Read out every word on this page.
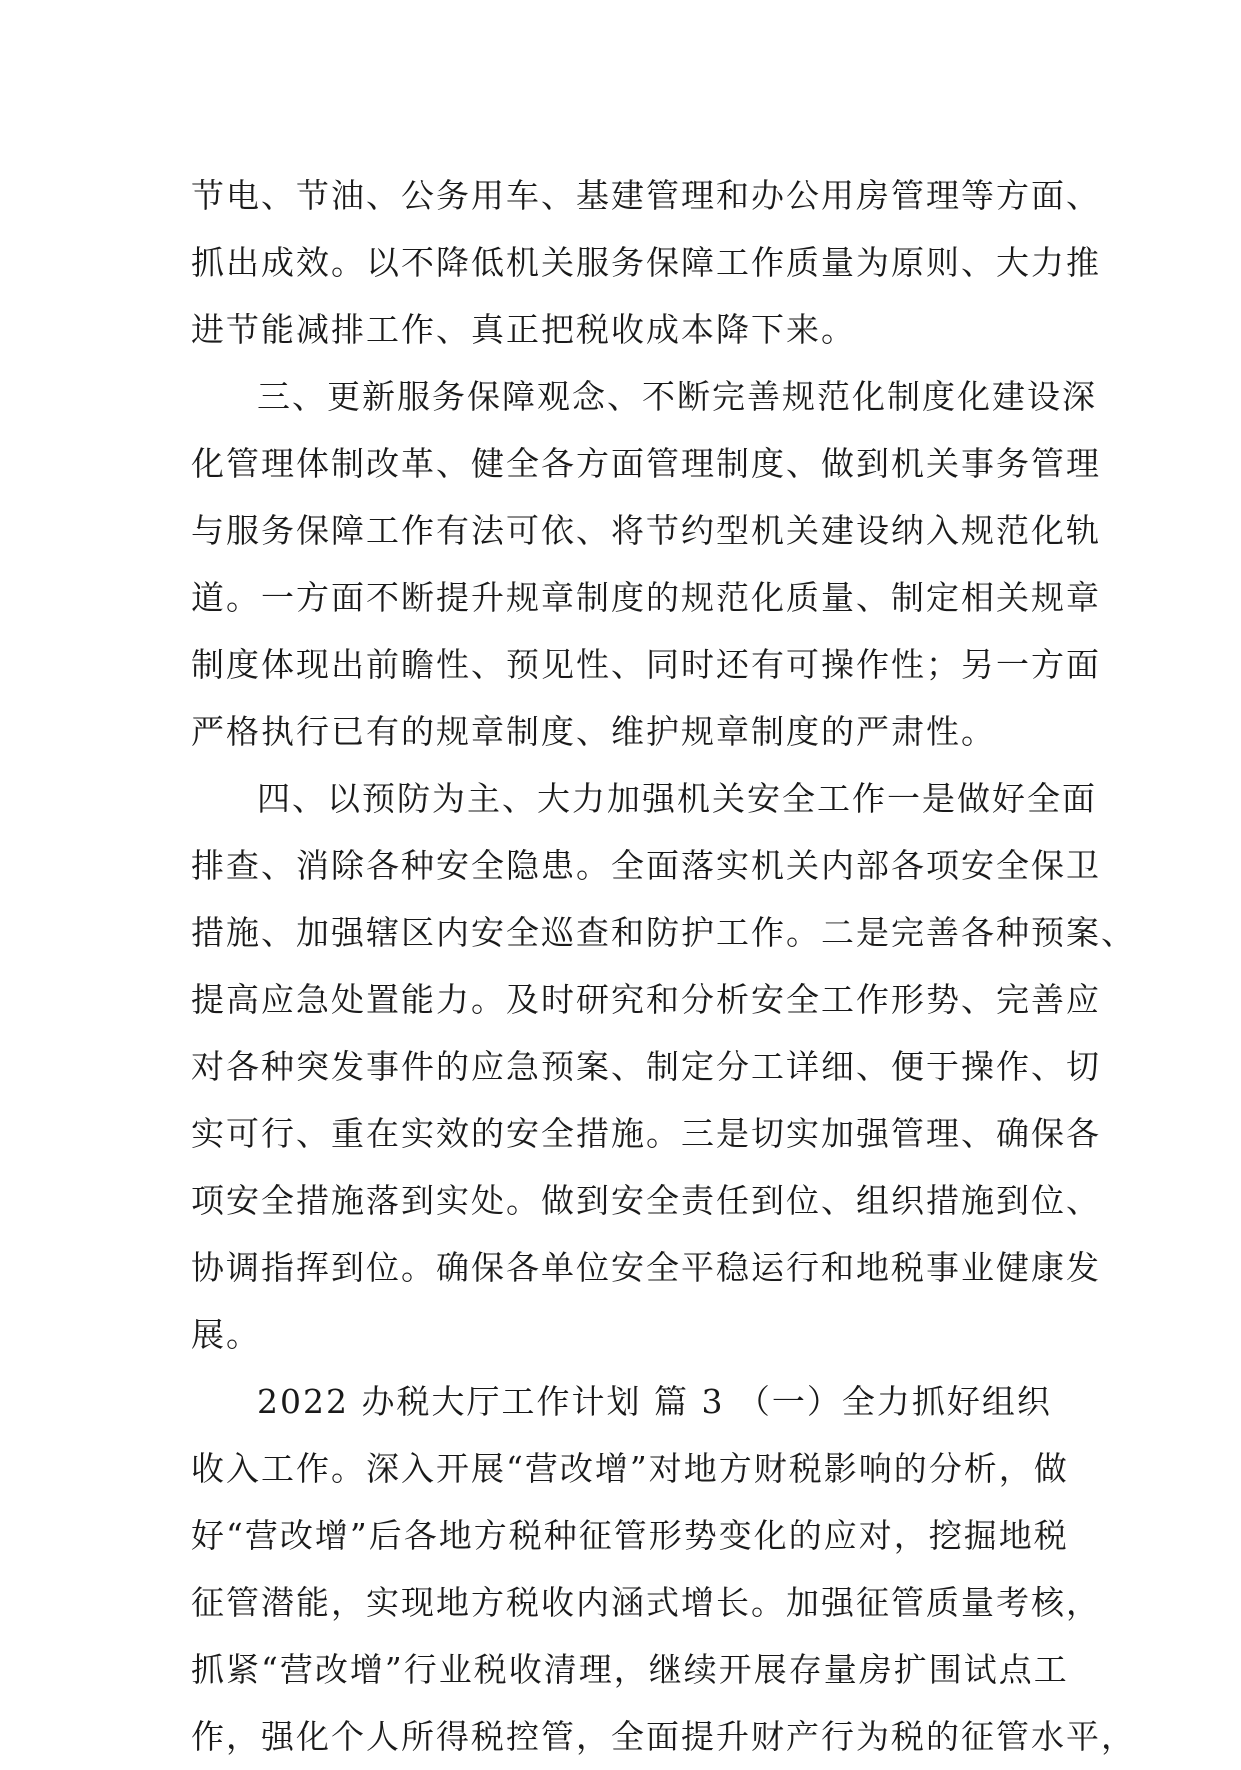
节电、节油、公务用车、基建管理和办公用房管理等方面、
抓出成效。以不降低机关服务保障工作质量为原则、大力推
进节能减排工作、真正把税收成本降下来。
三、更新服务保障观念、不断完善规范化制度化建设深
化管理体制改革、健全各方面管理制度、做到机关事务管理
与服务保障工作有法可依、将节约型机关建设纳入规范化轨
道。一方面不断提升规章制度的规范化质量、制定相关规章
制度体现出前瞻性、预见性、同时还有可操作性；另一方面
严格执行已有的规章制度、维护规章制度的严肃性。
四、以预防为主、大力加强机关安全工作一是做好全面
排查、消除各种安全隐患。全面落实机关内部各项安全保卫
措施、加强辖区内安全巡查和防护工作。二是完善各种预案、
提高应急处置能力。及时研究和分析安全工作形势、完善应
对各种突发事件的应急预案、制定分工详细、便于操作、切
实可行、重在实效的安全措施。三是切实加强管理、确保各
项安全措施落到实处。做到安全责任到位、组织措施到位、
协调指挥到位。确保各单位安全平稳运行和地税事业健康发
展。
2022 办税大厅工作计划 篇 3 （一）全力抓好组织
收入工作。深入开展“营改增”对地方财税影响的分析，做
好“营改增”后各地方税种征管形势变化的应对，挖掘地税
征管潜能，实现地方税收内涵式增长。加强征管质量考核，
抓紧“营改增”行业税收清理，继续开展存量房扩围试点工
作，强化个人所得税控管，全面提升财产行为税的征管水平，
